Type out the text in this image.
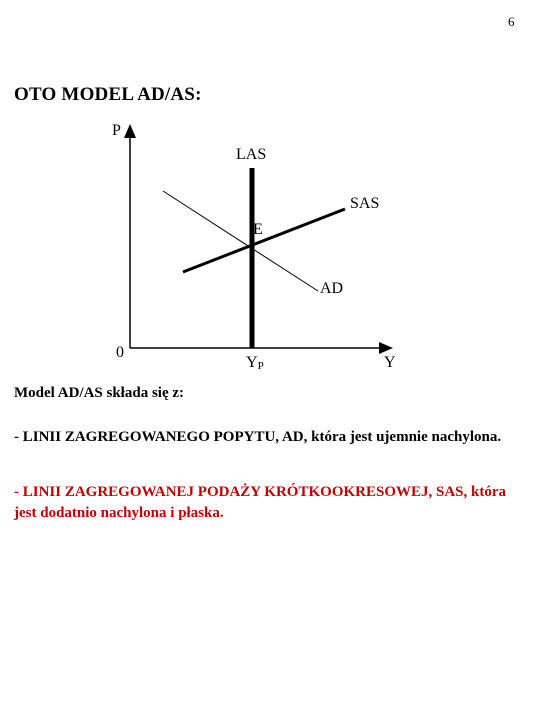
6
OTO MODEL AD/AS:
P
LAS
SAS
E
AD
0
$Y_P$	Y
Model AD/AS składa się z:
- LINII ZAGREGOWANEGO POPYTU, AD, która jest ujemnie nachylona.
- LINII ZAGREGOWANEJ PODAŻY KRÓTKOOKRESOWEJ, SAS, która jest dodatnio nachylona i płaska.
